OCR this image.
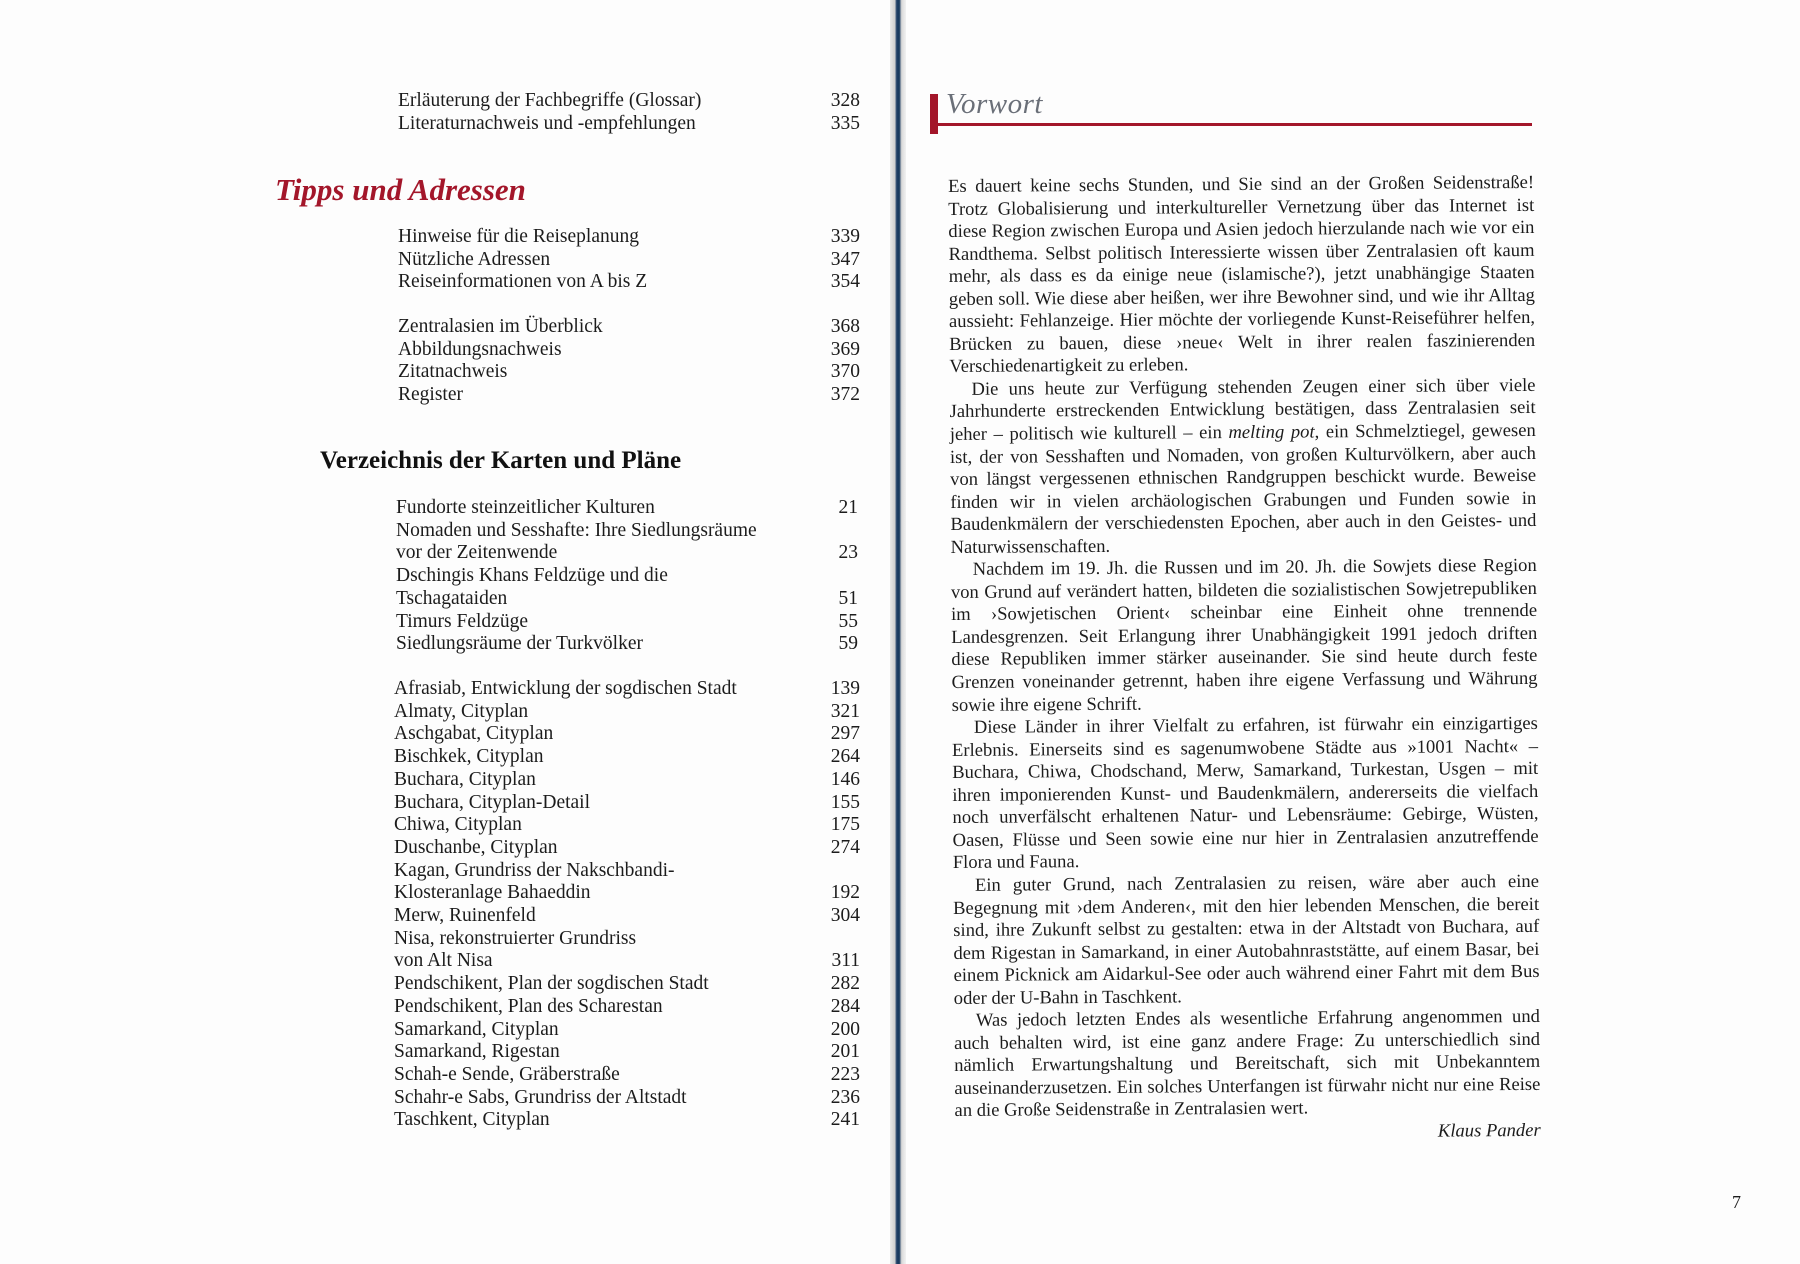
Erläuterung der Fachbegriffe (Glossar)	328
Literaturnachweis und -empfehlungen	335
Tipps und Adressen
Hinweise für die Reiseplanung	339
Nützliche Adressen	347
Reiseinformationen von A bis Z	354
Zentralasien im Überblick	368
Abbildungsnachweis	369
Zitatnachweis	370
Register	372
Verzeichnis der Karten und Pläne
Fundorte steinzeitlicher Kulturen	21
Nomaden und Sesshafte: Ihre Siedlungsräume
vor der Zeitenwende	23
Dschingis Khans Feldzüge und die
Tschagataiden	51
Timurs Feldzüge	55
Siedlungsräume der Turkvölker	59
Afrasiab, Entwicklung der sogdischen Stadt	139
Almaty, Cityplan	321
Aschgabat, Cityplan	297
Bischkek, Cityplan	264
Buchara, Cityplan	146
Buchara, Cityplan-Detail	155
Chiwa, Cityplan	175
Duschanbe, Cityplan	274
Kagan, Grundriss der Nakschbandi-
Klosteranlage Bahaeddin	192
Merw, Ruinenfeld	304
Nisa, rekonstruierter Grundriss
von Alt Nisa	311
Pendschikent, Plan der sogdischen Stadt	282
Pendschikent, Plan des Scharestan	284
Samarkand, Cityplan	200
Samarkand, Rigestan	201
Schah-e Sende, Gräberstraße	223
Schahr-e Sabs, Grundriss der Altstadt	236
Taschkent, Cityplan	241
Vorwort

Es dauert keine sechs Stunden, und Sie sind an der Großen Seidenstraße! Trotz Globalisierung und interkultureller Vernetzung über das Internet ist diese Region zwischen Europa und Asien jedoch hierzulande nach wie vor ein Randthema. Selbst politisch Interessierte wissen über Zentralasien oft kaum mehr, als dass es da einige neue (islamische?), jetzt unabhängige Staaten geben soll. Wie diese aber heißen, wer ihre Bewohner sind, und wie ihr Alltag aussieht: Fehlanzeige. Hier möchte der vorliegende Kunst-Reiseführer helfen, Brücken zu bauen, diese ›neue‹ Welt in ihrer realen faszinierenden Verschiedenartigkeit zu erleben.

Die uns heute zur Verfügung stehenden Zeugen einer sich über viele Jahrhunderte erstreckenden Entwicklung bestätigen, dass Zentralasien seit jeher – politisch wie kulturell – ein melting pot, ein Schmelztiegel, gewesen ist, der von Sesshaften und Nomaden, von großen Kulturvölkern, aber auch von längst vergessenen ethnischen Randgruppen beschickt wurde. Beweise finden wir in vielen archäologischen Grabungen und Funden sowie in Baudenkmälern der verschiedensten Epochen, aber auch in den Geistes- und Naturwissenschaften.

Nachdem im 19. Jh. die Russen und im 20. Jh. die Sowjets diese Region von Grund auf verändert hatten, bildeten die sozialistischen Sowjetrepubliken im ›Sowjetischen Orient‹ scheinbar eine Einheit ohne trennende Landesgrenzen. Seit Erlangung ihrer Unabhängigkeit 1991 jedoch driften diese Republiken immer stärker auseinander. Sie sind heute durch feste Grenzen voneinander getrennt, haben ihre eigene Verfassung und Währung sowie ihre eigene Schrift.

Diese Länder in ihrer Vielfalt zu erfahren, ist fürwahr ein einzigartiges Erlebnis. Einerseits sind es sagenumwobene Städte aus »1001 Nacht« – Buchara, Chiwa, Chodschand, Merw, Samarkand, Turkestan, Usgen – mit ihren imponierenden Kunst- und Baudenkmälern, andererseits die vielfach noch unverfälscht erhaltenen Natur- und Lebensräume: Gebirge, Wüsten, Oasen, Flüsse und Seen sowie eine nur hier in Zentralasien anzutreffende Flora und Fauna.

Ein guter Grund, nach Zentralasien zu reisen, wäre aber auch eine Begegnung mit ›dem Anderen‹, mit den hier lebenden Menschen, die bereit sind, ihre Zukunft selbst zu gestalten: etwa in der Altstadt von Buchara, auf dem Rigestan in Samarkand, in einer Autobahnraststätte, auf einem Basar, bei einem Picknick am Aidarkul-See oder auch während einer Fahrt mit dem Bus oder der U-Bahn in Taschkent.

Was jedoch letzten Endes als wesentliche Erfahrung angenommen und auch behalten wird, ist eine ganz andere Frage: Zu unterschiedlich sind nämlich Erwartungshaltung und Bereitschaft, sich mit Unbekanntem auseinanderzusetzen. Ein solches Unterfangen ist fürwahr nicht nur eine Reise an die Große Seidenstraße in Zentralasien wert.

Klaus Pander
7
